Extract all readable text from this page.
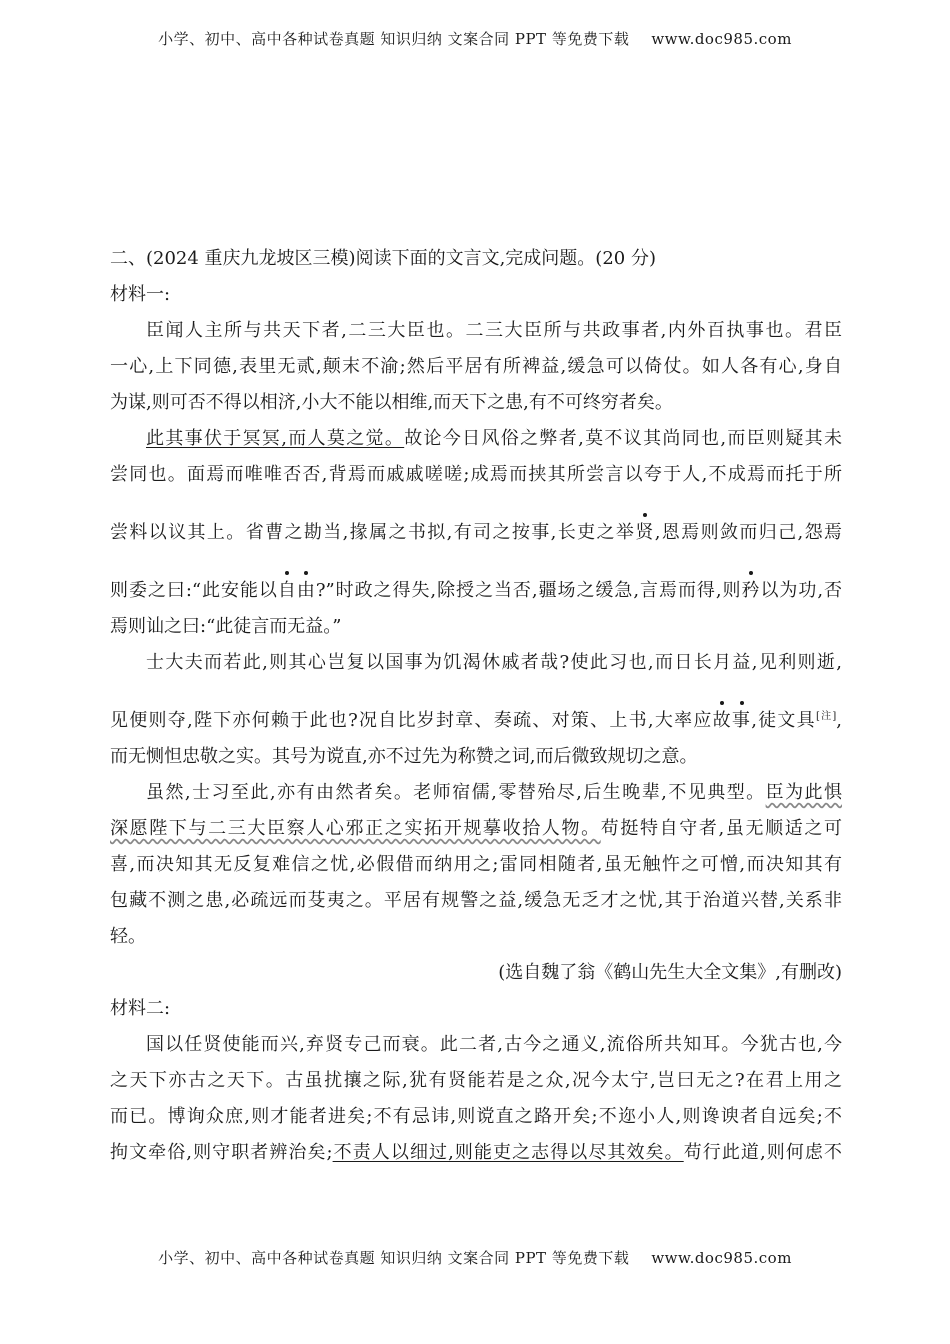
小学、初中、高中各种试卷真题 知识归纳 文案合同 PPT 等免费下载 www.doc985.com
二、(2024 重庆九龙坡区三模)阅读下面的文言文,完成问题。(20 分)
材料一:
臣闻人主所与共天下者,二三大臣也。二三大臣所与共政事者,内外百执事也。君臣
一心,上下同德,表里无贰,颠末不渝;然后平居有所裨益,缓急可以倚仗。如人各有心,身自
为谋,则可否不得以相济,小大不能以相维,而天下之患,有不可终穷者矣。
此其事伏于冥冥,而人莫之觉。故论今日风俗之弊者,莫不议其尚同也,而臣则疑其未
尝同也。面焉而唯唯否否,背焉而戚戚嗟嗟;成焉而挟其所尝言以夸于人,不成焉而托于所
尝料以议其上。省曹之勘当,掾属之书拟,有司之按事,长吏之举贤,恩焉则敛而归己,怨焉
则委之曰:“此安能以自由?”时政之得失,除授之当否,疆场之缓急,言焉而得,则矜以为功,否
焉则讪之曰:“此徒言而无益。”
士大夫而若此,则其心岂复以国事为饥渴休戚者哉?使此习也,而日长月益,见利则逝,
见便则夺,陛下亦何赖于此也?况自比岁封章、奏疏、对策、上书,大率应故事,徒文具[注],
而无恻怛忠敬之实。其号为谠直,亦不过先为称赞之词,而后微致规切之意。
虽然,士习至此,亦有由然者矣。老师宿儒,零替殆尽,后生晚辈,不见典型。臣为此惧
深愿陛下与二三大臣察人心邪正之实拓开规摹收拾人物。苟挺特自守者,虽无顺适之可
喜,而决知其无反复难信之忧,必假借而纳用之;雷同相随者,虽无触忤之可憎,而决知其有
包藏不测之患,必疏远而芟夷之。平居有规警之益,缓急无乏才之忧,其于治道兴替,关系非
轻。
(选自魏了翁《鹤山先生大全文集》,有删改)
材料二:
国以任贤使能而兴,弃贤专己而衰。此二者,古今之通义,流俗所共知耳。今犹古也,今
之天下亦古之天下。古虽扰攘之际,犹有贤能若是之众,况今太宁,岂曰无之?在君上用之
而已。博询众庶,则才能者进矣;不有忌讳,则谠直之路开矣;不迩小人,则谗谀者自远矣;不
拘文牵俗,则守职者辨治矣;不责人以细过,则能吏之志得以尽其效矣。苟行此道,则何虑不
小学、初中、高中各种试卷真题 知识归纳 文案合同 PPT 等免费下载 www.doc985.com
